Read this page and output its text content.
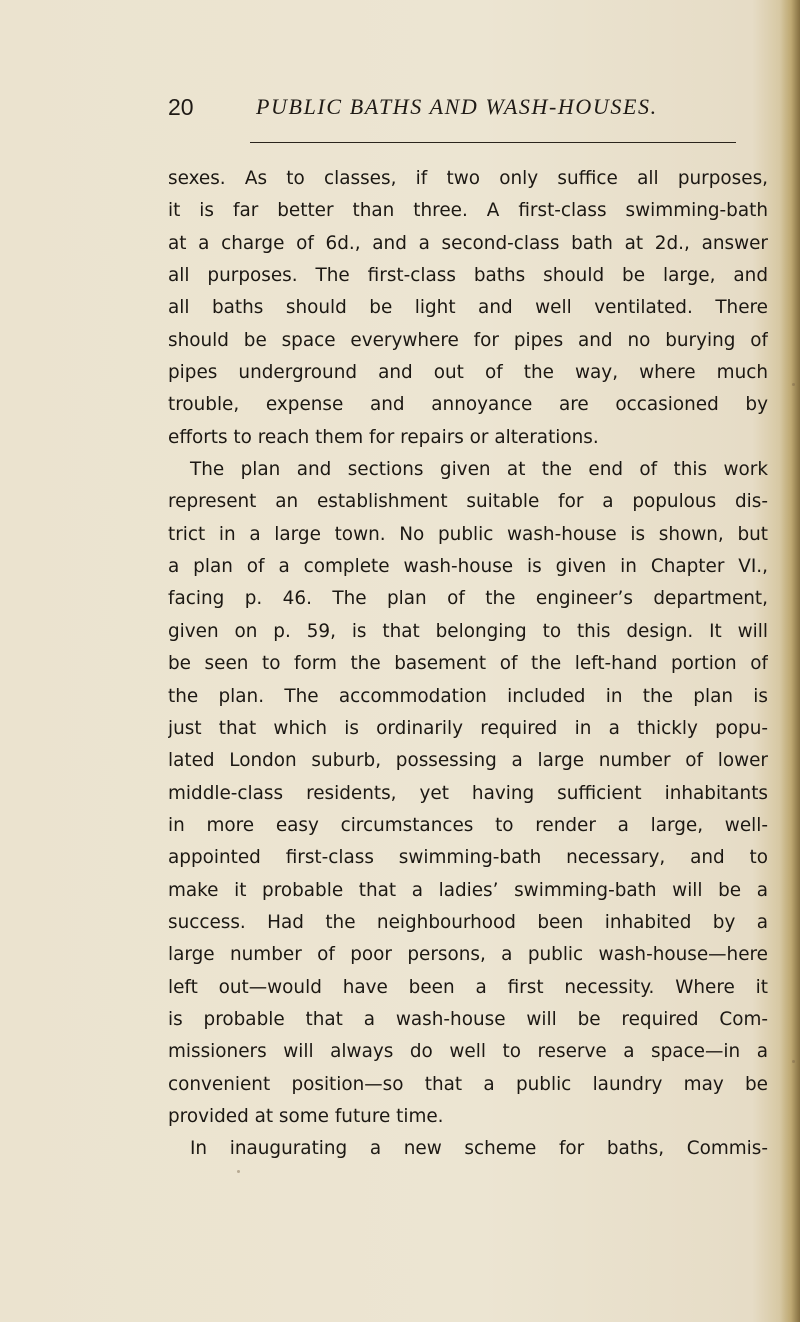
20	PUBLIC BATHS AND WASH-HOUSES.
sexes. As to classes, if two only suffice all purposes,
it is far better than three. A first-class swimming-bath
at a charge of 6d., and a second-class bath at 2d., answer
all purposes. The first-class baths should be large, and
all baths should be light and well ventilated. There
should be space everywhere for pipes and no burying of
pipes underground and out of the way, where much
trouble, expense and annoyance are occasioned by
efforts to reach them for repairs or alterations.
The plan and sections given at the end of this work
represent an establishment suitable for a populous dis-
trict in a large town. No public wash-house is shown, but
a plan of a complete wash-house is given in Chapter VI.,
facing p. 46. The plan of the engineer’s department,
given on p. 59, is that belonging to this design. It will
be seen to form the basement of the left-hand portion of
the plan. The accommodation included in the plan is
just that which is ordinarily required in a thickly popu-
lated London suburb, possessing a large number of lower
middle-class residents, yet having sufficient inhabitants
in more easy circumstances to render a large, well-
appointed first-class swimming-bath necessary, and to
make it probable that a ladies’ swimming-bath will be a
success. Had the neighbourhood been inhabited by a
large number of poor persons, a public wash-house—here
left out—would have been a first necessity. Where it
is probable that a wash-house will be required Com-
missioners will always do well to reserve a space—in a
convenient position—so that a public laundry may be
provided at some future time.
In inaugurating a new scheme for baths, Commis-
